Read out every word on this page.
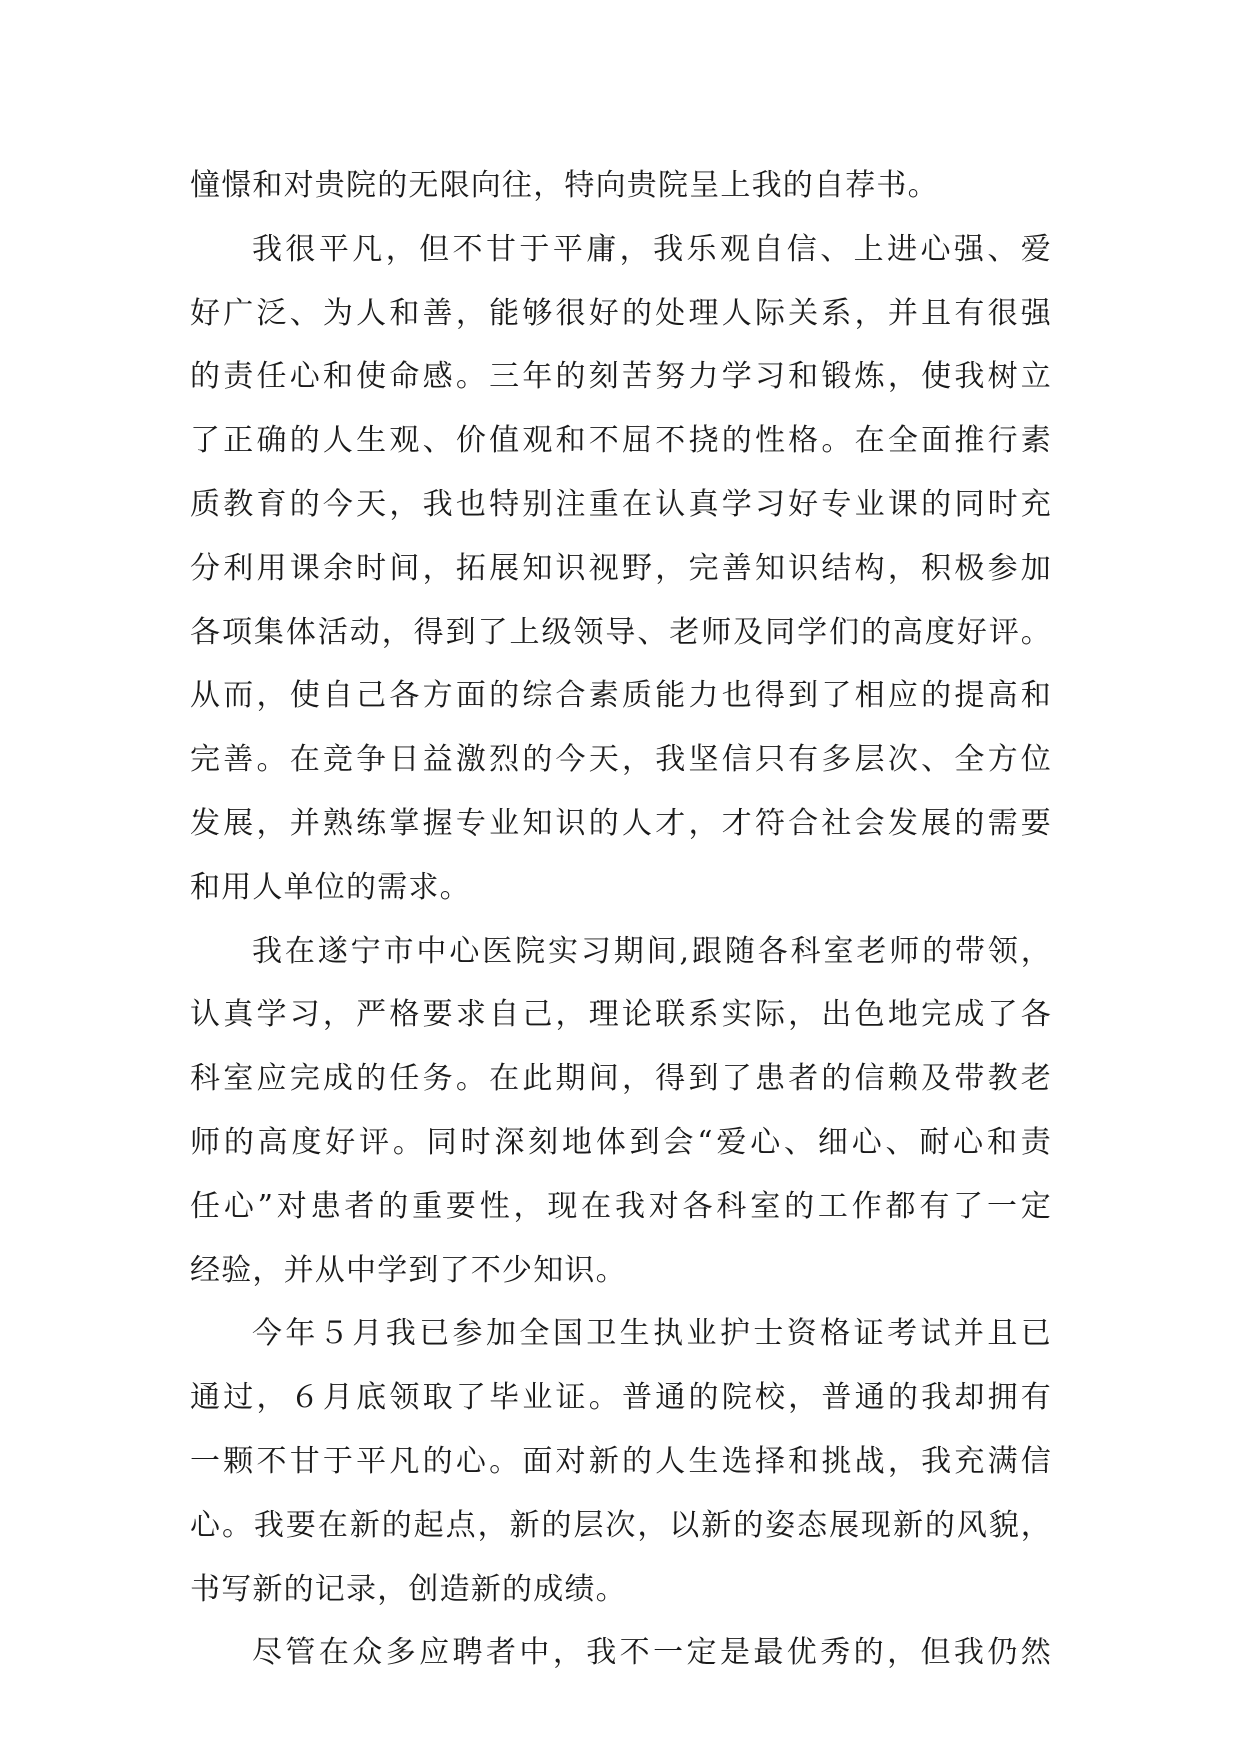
憧憬和对贵院的无限向往，特向贵院呈上我的自荐书。
我很平凡，但不甘于平庸，我乐观自信、上进心强、爱
好广泛、为人和善，能够很好的处理人际关系，并且有很强
的责任心和使命感。三年的刻苦努力学习和锻炼，使我树立
了正确的人生观、价值观和不屈不挠的性格。在全面推行素
质教育的今天，我也特别注重在认真学习好专业课的同时充
分利用课余时间，拓展知识视野，完善知识结构，积极参加
各项集体活动，得到了上级领导、老师及同学们的高度好评。
从而，使自己各方面的综合素质能力也得到了相应的提高和
完善。在竞争日益激烈的今天，我坚信只有多层次、全方位
发展，并熟练掌握专业知识的人才，才符合社会发展的需要
和用人单位的需求。
我在遂宁市中心医院实习期间,跟随各科室老师的带领，
认真学习，严格要求自己，理论联系实际，出色地完成了各
科室应完成的任务。在此期间，得到了患者的信赖及带教老
师的高度好评。同时深刻地体到会“爱心、细心、耐心和责
任心”对患者的重要性，现在我对各科室的工作都有了一定
经验，并从中学到了不少知识。
今年５月我已参加全国卫生执业护士资格证考试并且已
通过，６月底领取了毕业证。普通的院校，普通的我却拥有
一颗不甘于平凡的心。面对新的人生选择和挑战，我充满信
心。我要在新的起点，新的层次，以新的姿态展现新的风貌，
书写新的记录，创造新的成绩。
尽管在众多应聘者中，我不一定是最优秀的，但我仍然
